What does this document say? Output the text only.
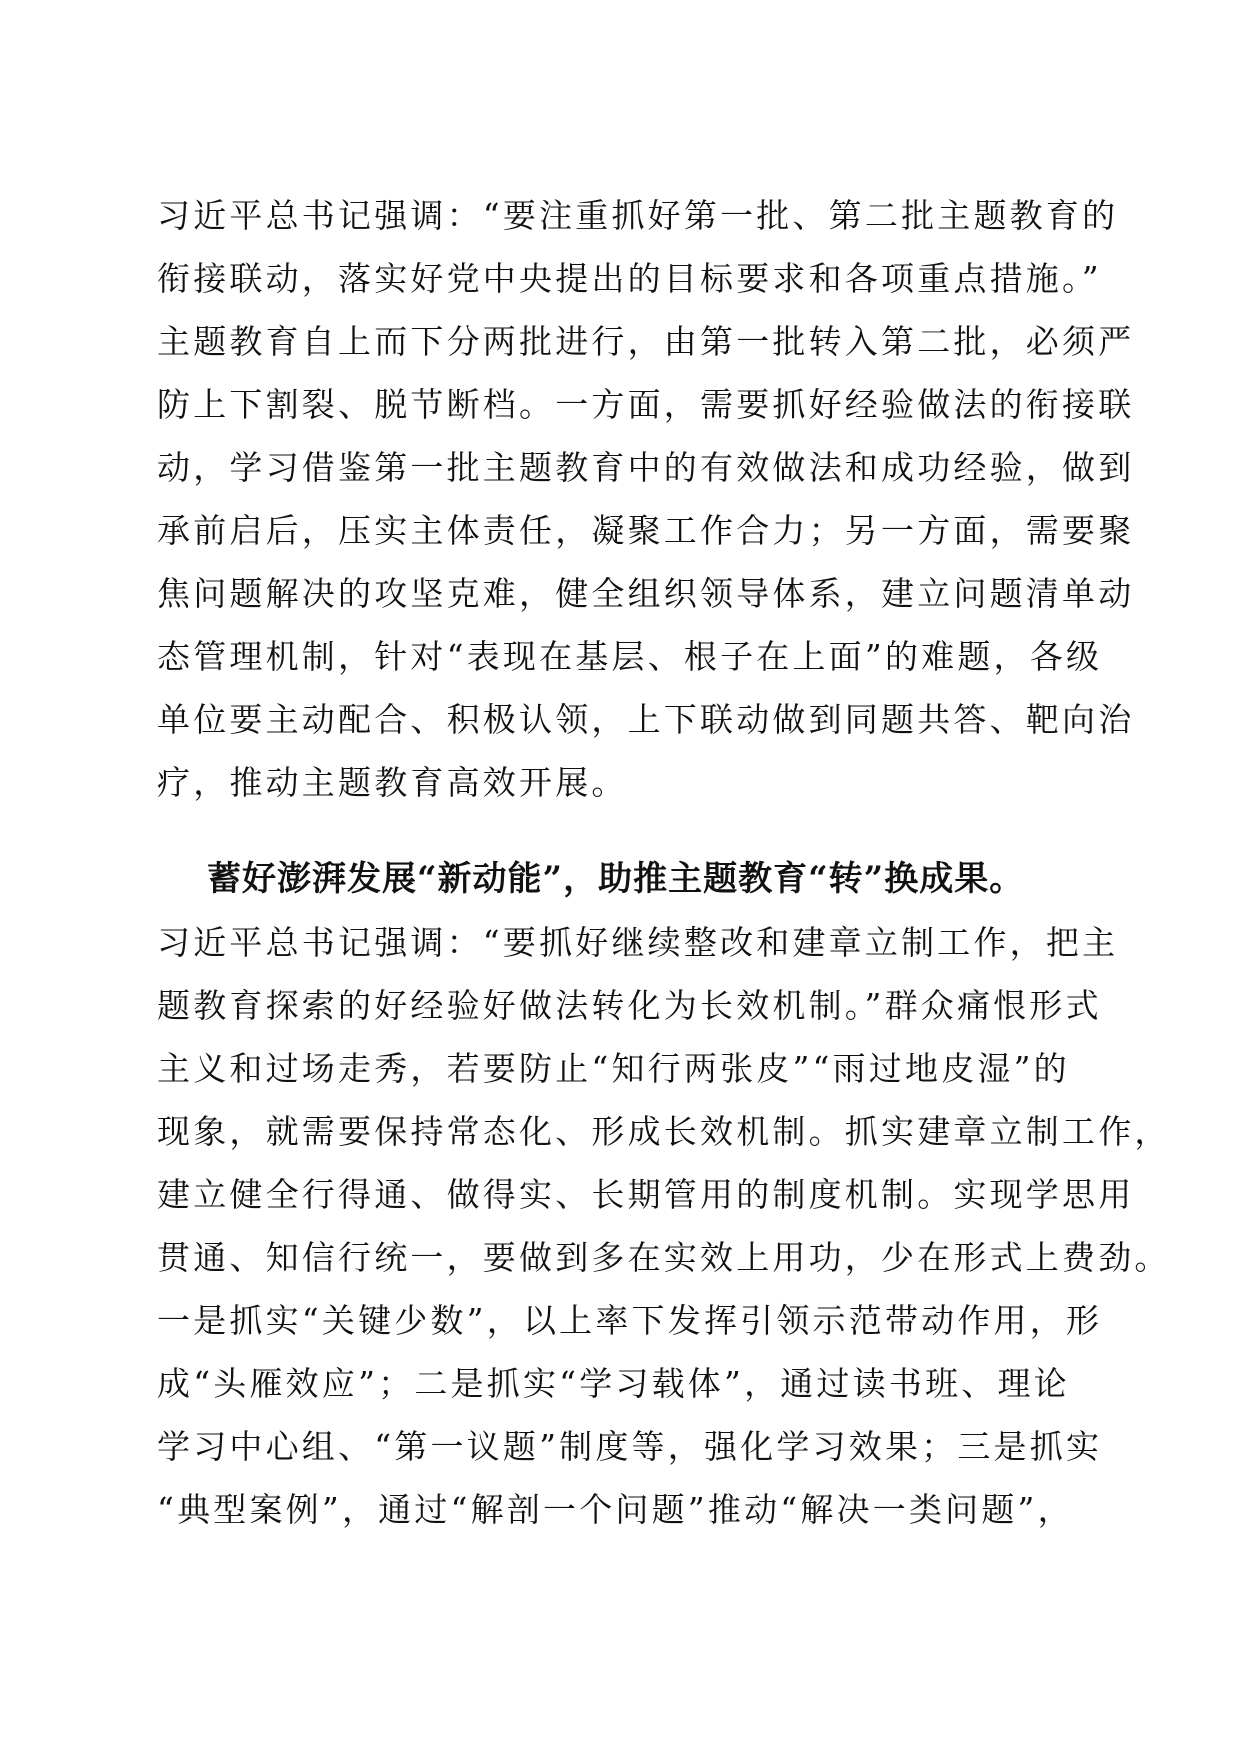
习近平总书记强调：“要注重抓好第一批、第二批主题教育的
衔接联动，落实好党中央提出的目标要求和各项重点措施。”
主题教育自上而下分两批进行，由第一批转入第二批，必须严
防上下割裂、脱节断档。一方面，需要抓好经验做法的衔接联
动，学习借鉴第一批主题教育中的有效做法和成功经验，做到
承前启后，压实主体责任，凝聚工作合力；另一方面，需要聚
焦问题解决的攻坚克难，健全组织领导体系，建立问题清单动
态管理机制，针对“表现在基层、根子在上面”的难题，各级
单位要主动配合、积极认领，上下联动做到同题共答、靶向治
疗，推动主题教育高效开展。
蓄好澎湃发展“新动能”，助推主题教育“转”换成果。
习近平总书记强调：“要抓好继续整改和建章立制工作，把主
题教育探索的好经验好做法转化为长效机制。”群众痛恨形式
主义和过场走秀，若要防止“知行两张皮”“雨过地皮湿”的
现象，就需要保持常态化、形成长效机制。抓实建章立制工作，
建立健全行得通、做得实、长期管用的制度机制。实现学思用
贯通、知信行统一，要做到多在实效上用功，少在形式上费劲。
一是抓实“关键少数”，以上率下发挥引领示范带动作用，形
成“头雁效应”；二是抓实“学习载体”，通过读书班、理论
学习中心组、“第一议题”制度等，强化学习效果；三是抓实
“典型案例”，通过“解剖一个问题”推动“解决一类问题”，
